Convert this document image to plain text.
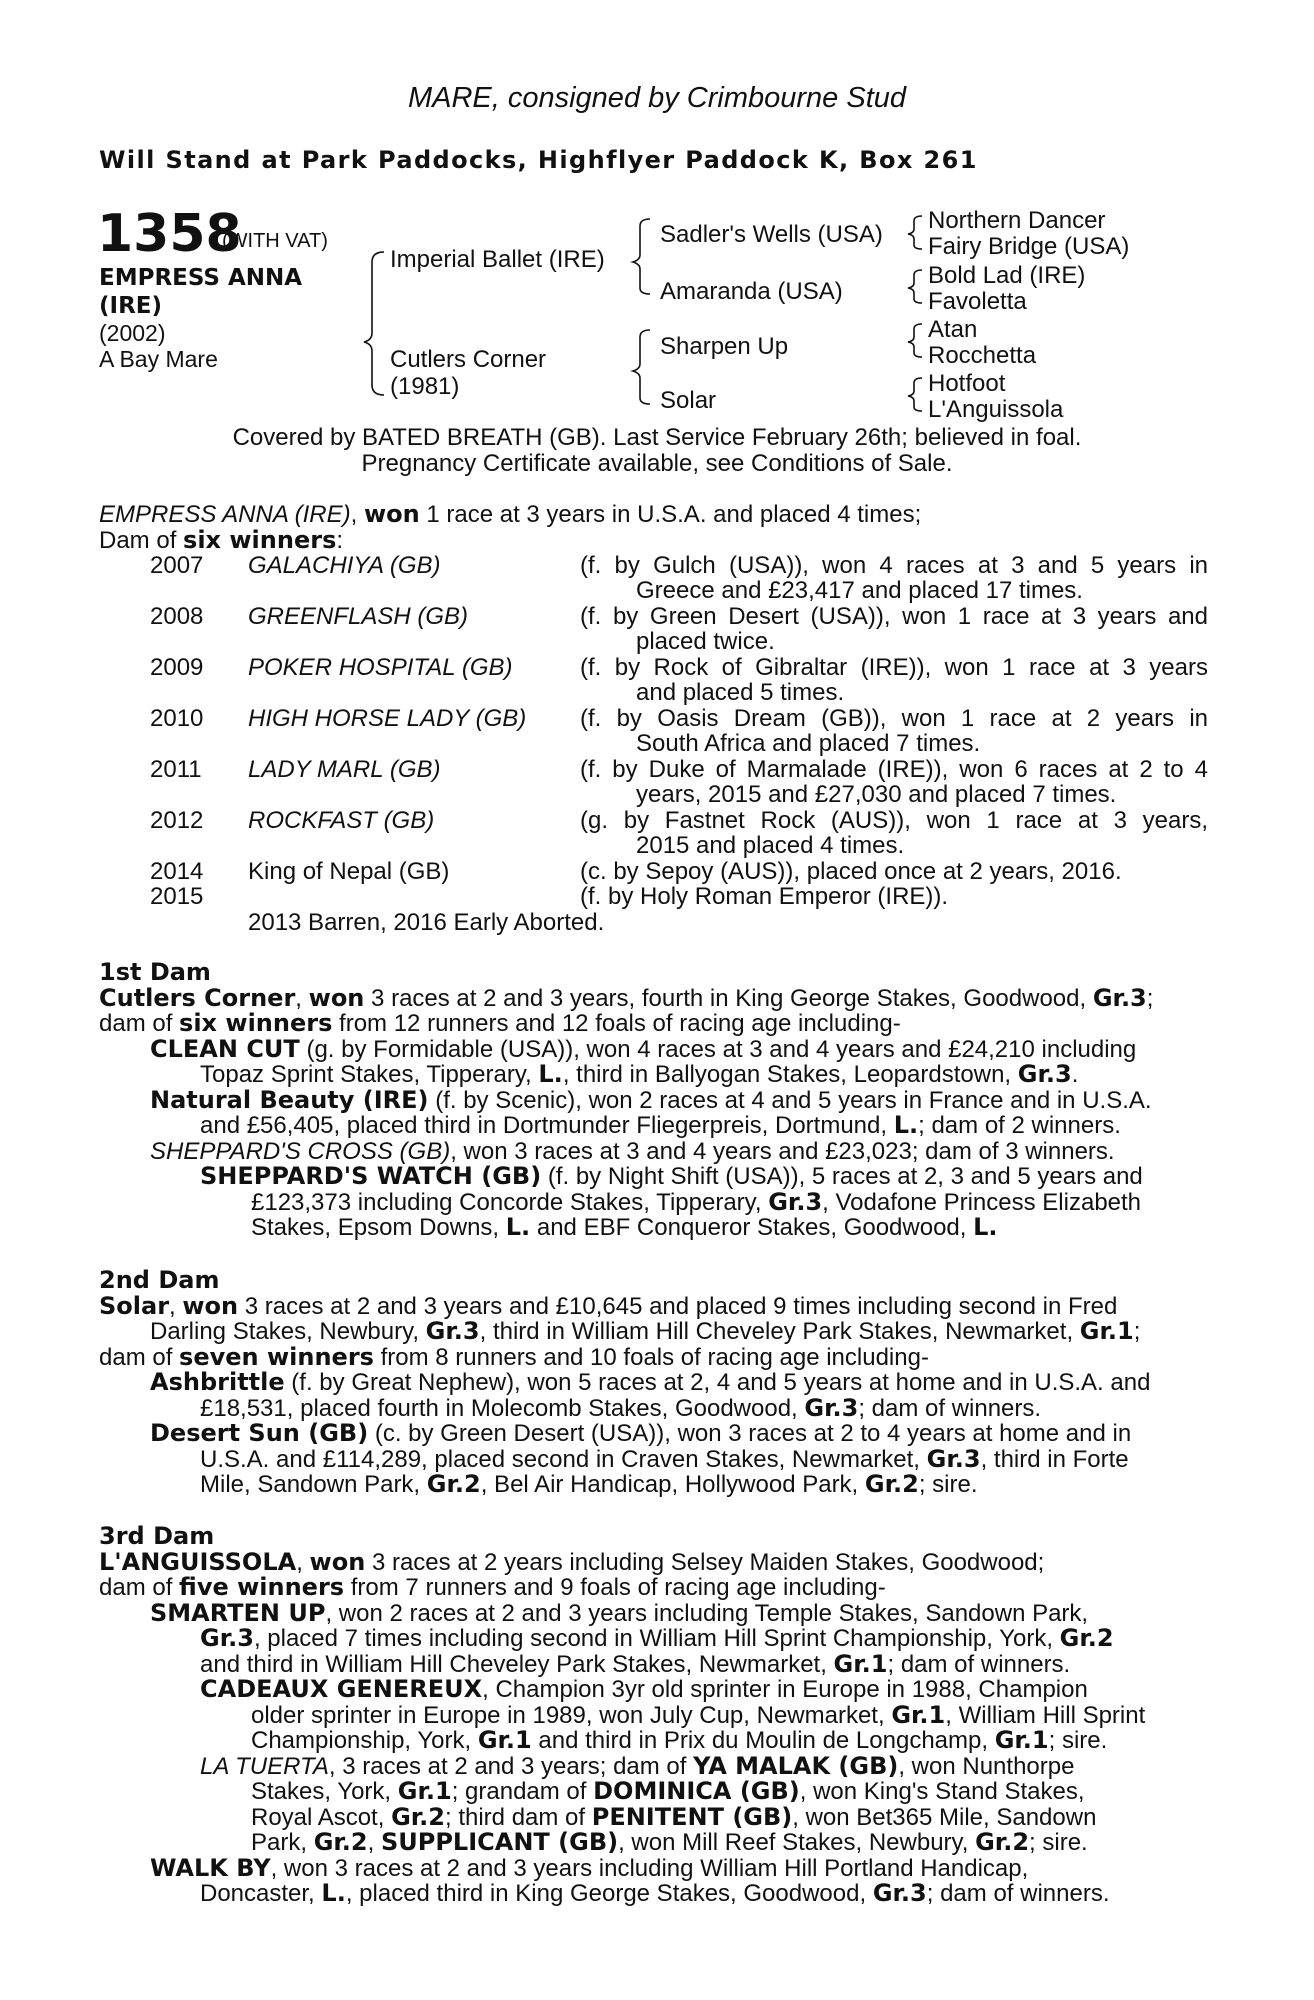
MARE, consigned by Crimbourne Stud
Will Stand at Park Paddocks, Highflyer Paddock K, Box 261
1358
(WITH VAT)
EMPRESS ANNA
(IRE)
(2002)
A Bay Mare
Imperial Ballet (IRE)
Cutlers Corner
(1981)
Sadler's Wells (USA)
Amaranda (USA)
Sharpen Up
Solar
Northern Dancer
Fairy Bridge (USA)
Bold Lad (IRE)
Favoletta
Atan
Rocchetta
Hotfoot
L'Anguissola
Covered by BATED BREATH (GB). Last Service February 26th; believed in foal.
Pregnancy Certificate available, see Conditions of Sale.

EMPRESS ANNA (IRE), won 1 race at 3 years in U.S.A. and placed 4 times;

Dam of six winners:

2007 GALACHIYA (GB)	(f. by Gulch (USA)), won 4 races at 3 and 5 years in
Greece and £23,417 and placed 17 times.
2008 GREENFLASH (GB)	(f. by Green Desert (USA)), won 1 race at 3 years and
placed twice.
2009 POKER HOSPITAL (GB)	(f. by Rock of Gibraltar (IRE)), won 1 race at 3 years
and placed 5 times.
2010 HIGH HORSE LADY (GB) (f. by Oasis Dream (GB)), won 1 race at 2 years in
South Africa and placed 7 times.
2011 LADY MARL (GB)	(f. by Duke of Marmalade (IRE)), won 6 races at 2 to 4
years, 2015 and £27,030 and placed 7 times.
2012 ROCKFAST (GB)	(g. by Fastnet Rock (AUS)), won 1 race at 3 years,
2015 and placed 4 times.
2014 King of Nepal (GB)	(c. by Sepoy (AUS)), placed once at 2 years, 2016.
2015	(f. by Holy Roman Emperor (IRE)).
2013 Barren, 2016 Early Aborted.

1st Dam

Cutlers Corner, won 3 races at 2 and 3 years, fourth in King George Stakes, Goodwood, Gr.3;

dam of six winners from 12 runners and 12 foals of racing age including-

CLEAN CUT (g. by Formidable (USA)), won 4 races at 3 and 4 years and £24,210 including

Topaz Sprint Stakes, Tipperary, L., third in Ballyogan Stakes, Leopardstown, Gr.3.

Natural Beauty (IRE) (f. by Scenic), won 2 races at 4 and 5 years in France and in U.S.A.

and £56,405, placed third in Dortmunder Fliegerpreis, Dortmund, L.; dam of 2 winners.

SHEPPARD'S CROSS (GB), won 3 races at 3 and 4 years and £23,023; dam of 3 winners.

SHEPPARD'S WATCH (GB) (f. by Night Shift (USA)), 5 races at 2, 3 and 5 years and

£123,373 including Concorde Stakes, Tipperary, Gr.3, Vodafone Princess Elizabeth

Stakes, Epsom Downs, L. and EBF Conqueror Stakes, Goodwood, L.

2nd Dam

Solar, won 3 races at 2 and 3 years and £10,645 and placed 9 times including second in Fred

Darling Stakes, Newbury, Gr.3, third in William Hill Cheveley Park Stakes, Newmarket, Gr.1;

dam of seven winners from 8 runners and 10 foals of racing age including-

Ashbrittle (f. by Great Nephew), won 5 races at 2, 4 and 5 years at home and in U.S.A. and

£18,531, placed fourth in Molecomb Stakes, Goodwood, Gr.3; dam of winners.

Desert Sun (GB) (c. by Green Desert (USA)), won 3 races at 2 to 4 years at home and in

U.S.A. and £114,289, placed second in Craven Stakes, Newmarket, Gr.3, third in Forte

Mile, Sandown Park, Gr.2, Bel Air Handicap, Hollywood Park, Gr.2; sire.

3rd Dam

L'ANGUISSOLA, won 3 races at 2 years including Selsey Maiden Stakes, Goodwood;

dam of five winners from 7 runners and 9 foals of racing age including-

SMARTEN UP, won 2 races at 2 and 3 years including Temple Stakes, Sandown Park,

Gr.3, placed 7 times including second in William Hill Sprint Championship, York, Gr.2

and third in William Hill Cheveley Park Stakes, Newmarket, Gr.1; dam of winners.

CADEAUX GENEREUX, Champion 3yr old sprinter in Europe in 1988, Champion

older sprinter in Europe in 1989, won July Cup, Newmarket, Gr.1, William Hill Sprint

Championship, York, Gr.1 and third in Prix du Moulin de Longchamp, Gr.1; sire.

LA TUERTA, 3 races at 2 and 3 years; dam of YA MALAK (GB), won Nunthorpe

Stakes, York, Gr.1; grandam of DOMINICA (GB), won King's Stand Stakes,

Royal Ascot, Gr.2; third dam of PENITENT (GB), won Bet365 Mile, Sandown

Park, Gr.2, SUPPLICANT (GB), won Mill Reef Stakes, Newbury, Gr.2; sire.

WALK BY, won 3 races at 2 and 3 years including William Hill Portland Handicap,

Doncaster, L., placed third in King George Stakes, Goodwood, Gr.3; dam of winners.
